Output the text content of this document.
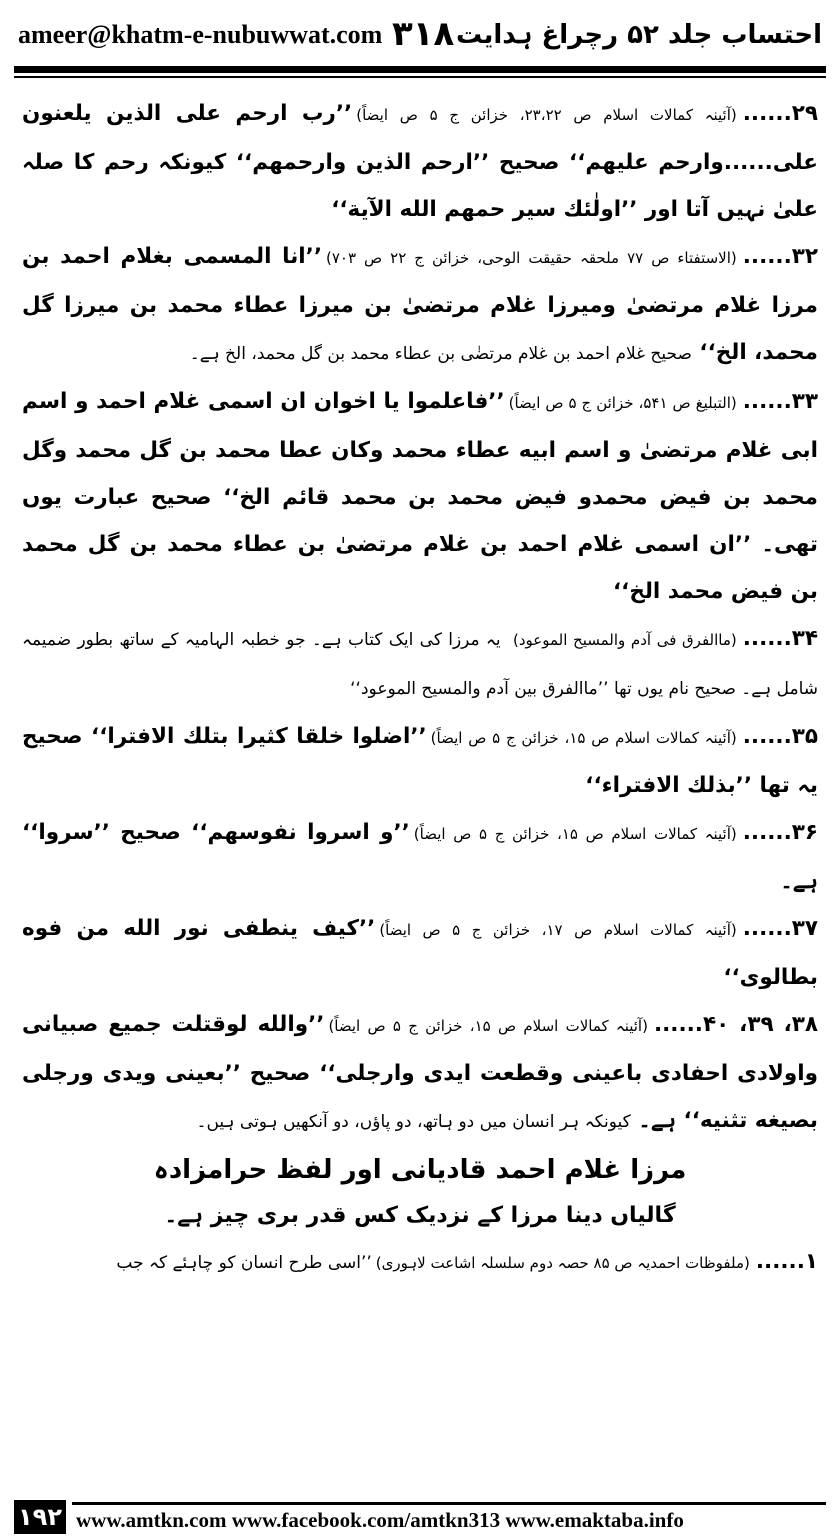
ameer@khatm-e-nubuwwat.com ۳۱۸ احتساب جلد ۵۲ رچراغ ہدایت

۲۹......(آئینہ کمالات اسلام ص ۲۳،۲۲، خزائن ج ۵ ص ایضاً)’’رب ارحم علی الذین یلعنون علی......وارحم علیهم‘‘ صحیح ’’ارحم الذین وارحمهم‘‘ کیونکہ رحم کا صلہ علیٰ نہیں آتا اور ’’اولٰئك سیر حمهم الله الآیة‘‘

۳۲......(الاستفتاء ص ۷۷ ملحقہ حقیقت الوحی، خزائن ج ۲۲ ص ۷۰۳)’’انا المسمی بغلام احمد بن مرزا غلام مرتضیٰ ومیرزا غلام مرتضیٰ بن میرزا عطاء محمد بن میرزا گل محمد، الخ‘‘ صحیح غلام احمد بن غلام مرتضٰی بن عطاء محمد بن گل محمد، الخ ہے۔

۳۳......(التبلیغ ص ۵۴۱، خزائن ج ۵ ص ایضاً)’’فاعلموا یا اخوان ان اسمی غلام احمد و اسم ابی غلام مرتضیٰ و اسم ابیه عطاء محمد وکان عطا محمد بن گل محمد وگل محمد بن فیض محمدو فیض محمد بن محمد قائم الخ‘‘ صحیح عبارت یوں تھی۔ ’’ان اسمی غلام احمد بن غلام مرتضیٰ بن عطاء محمد بن گل محمد بن فیض محمد الخ‘‘

۳۴......(ماالفرق فی آدم والمسیح الموعود) یہ مرزا کی ایک کتاب ہے۔ جو خطبہ الہامیہ کے ساتھ بطور ضمیمہ شامل ہے۔ صحیح نام یوں تھا ’’ماالفرق بین آدم والمسیح الموعود‘‘

۳۵......(آئینہ کمالات اسلام ص ۱۵، خزائن ج ۵ ص ایضاً)’’اضلوا خلقا کثیرا بتلك الافترا‘‘ صحیح یہ تھا ’’بذلك الافتراء‘‘

۳۶......(آئینہ کمالات اسلام ص ۱۵، خزائن ج ۵ ص ایضاً)’’و اسروا نفوسهم‘‘ صحیح ’’سروا‘‘ ہے۔

۳۷......(آئینہ کمالات اسلام ص ۱۷، خزائن ج ۵ ص ایضاً)’’کیف ینطفی نور الله من فوه بطالوی‘‘

۳۸، ۳۹، ۴۰......(آئینہ کمالات اسلام ص ۱۵، خزائن ج ۵ ص ایضاً)’’والله لوقتلت جمیع صبیانی واولادی احفادی باعینی وقطعت ایدی وارجلی‘‘ صحیح ’’بعینی ویدی ورجلی بصیغه تثنیه‘‘ ہے۔ کیونکہ ہر انسان میں دو ہاتھ، دو پاؤں، دو آنکھیں ہوتی ہیں۔

مرزا غلام احمد قادیانی اور لفظ حرامزادہ

گالیاں دینا مرزا کے نزدیک کس قدر بری چیز ہے۔

۱......(ملفوظات احمدیہ ص ۸۵ حصہ دوم سلسلہ اشاعت لاہوری)’’اسی طرح انسان کو چاہئے کہ جب

۱۹۲ www.amtkn.com www.facebook.com/amtkn313 www.emaktaba.info
